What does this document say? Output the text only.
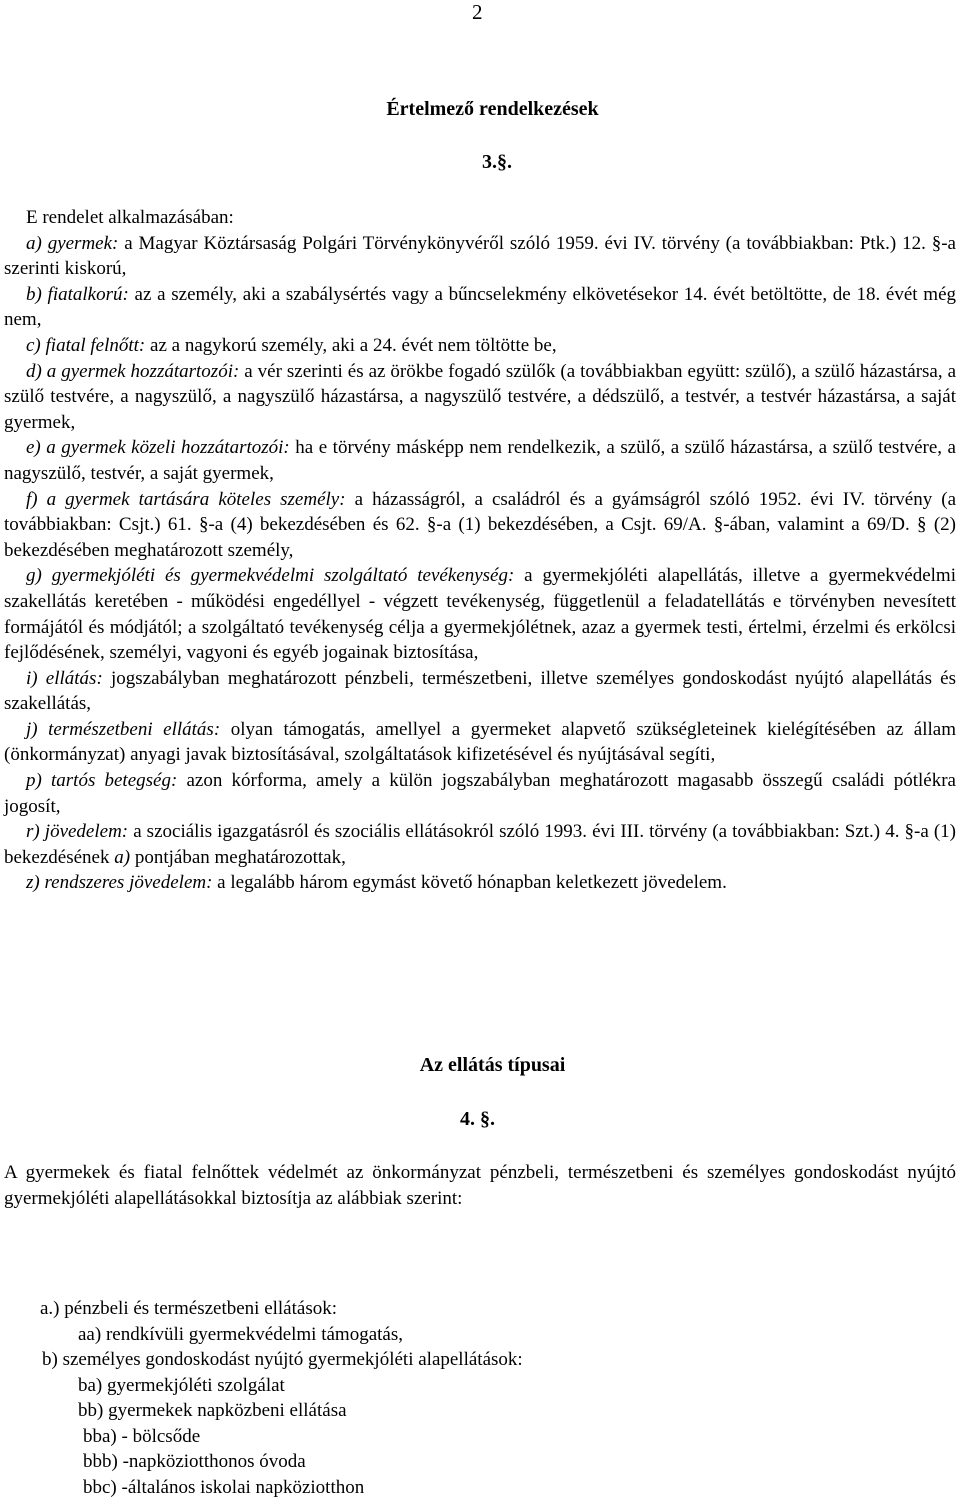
2
Értelmező rendelkezések
3.§.

E rendelet alkalmazásában:

a) gyermek: a Magyar Köztársaság Polgári Törvénykönyvéről szóló 1959. évi IV. törvény (a továbbiakban: Ptk.) 12. §-a szerinti kiskorú,

b) fiatalkorú: az a személy, aki a szabálysértés vagy a bűncselekmény elkövetésekor 14. évét betöltötte, de 18. évét még nem,

c) fiatal felnőtt: az a nagykorú személy, aki a 24. évét nem töltötte be,

d) a gyermek hozzátartozói: a vér szerinti és az örökbe fogadó szülők (a továbbiakban együtt: szülő), a szülő házastársa, a szülő testvére, a nagyszülő, a nagyszülő házastársa, a nagyszülő testvére, a dédszülő, a testvér, a testvér házastársa, a saját gyermek,

e) a gyermek közeli hozzátartozói: ha e törvény másképp nem rendelkezik, a szülő, a szülő házastársa, a szülő testvére, a nagyszülő, testvér, a saját gyermek,

f) a gyermek tartására köteles személy: a házasságról, a családról és a gyámságról szóló 1952. évi IV. törvény (a továbbiakban: Csjt.) 61. §-a (4) bekezdésében és 62. §-a (1) bekezdésében, a Csjt. 69/A. §-ában, valamint a 69/D. § (2) bekezdésében meghatározott személy,

g) gyermekjóléti és gyermekvédelmi szolgáltató tevékenység: a gyermekjóléti alapellátás, illetve a gyermekvédelmi szakellátás keretében - működési engedéllyel - végzett tevékenység, függetlenül a feladatellátás e törvényben nevesített formájától és módjától; a szolgáltató tevékenység célja a gyermekjólétnek, azaz a gyermek testi, értelmi, érzelmi és erkölcsi fejlődésének, személyi, vagyoni és egyéb jogainak biztosítása,

i) ellátás: jogszabályban meghatározott pénzbeli, természetbeni, illetve személyes gondoskodást nyújtó alapellátás és szakellátás,

j) természetbeni ellátás: olyan támogatás, amellyel a gyermeket alapvető szükségleteinek kielégítésében az állam (önkormányzat) anyagi javak biztosításával, szolgáltatások kifizetésével és nyújtásával segíti,

p) tartós betegség: azon kórforma, amely a külön jogszabályban meghatározott magasabb összegű családi pótlékra jogosít,

r) jövedelem: a szociális igazgatásról és szociális ellátásokról szóló 1993. évi III. törvény (a továbbiakban: Szt.) 4. §-a (1) bekezdésének a) pontjában meghatározottak,

z) rendszeres jövedelem: a legalább három egymást követő hónapban keletkezett jövedelem.

Az ellátás típusai
4. §.

A gyermekek és fiatal felnőttek védelmét az önkormányzat pénzbeli, természetbeni és személyes gondoskodást nyújtó gyermekjóléti alapellátásokkal biztosítja az alábbiak szerint:

a.) pénzbeli és természetbeni ellátások:
aa) rendkívüli gyermekvédelmi támogatás,
b) személyes gondoskodást nyújtó gyermekjóléti alapellátások:
ba) gyermekjóléti szolgálat
bb) gyermekek napközbeni ellátása
bba) - bölcsőde
bbb) -napköziotthonos óvoda
bbc) -általános iskolai napköziotthon
